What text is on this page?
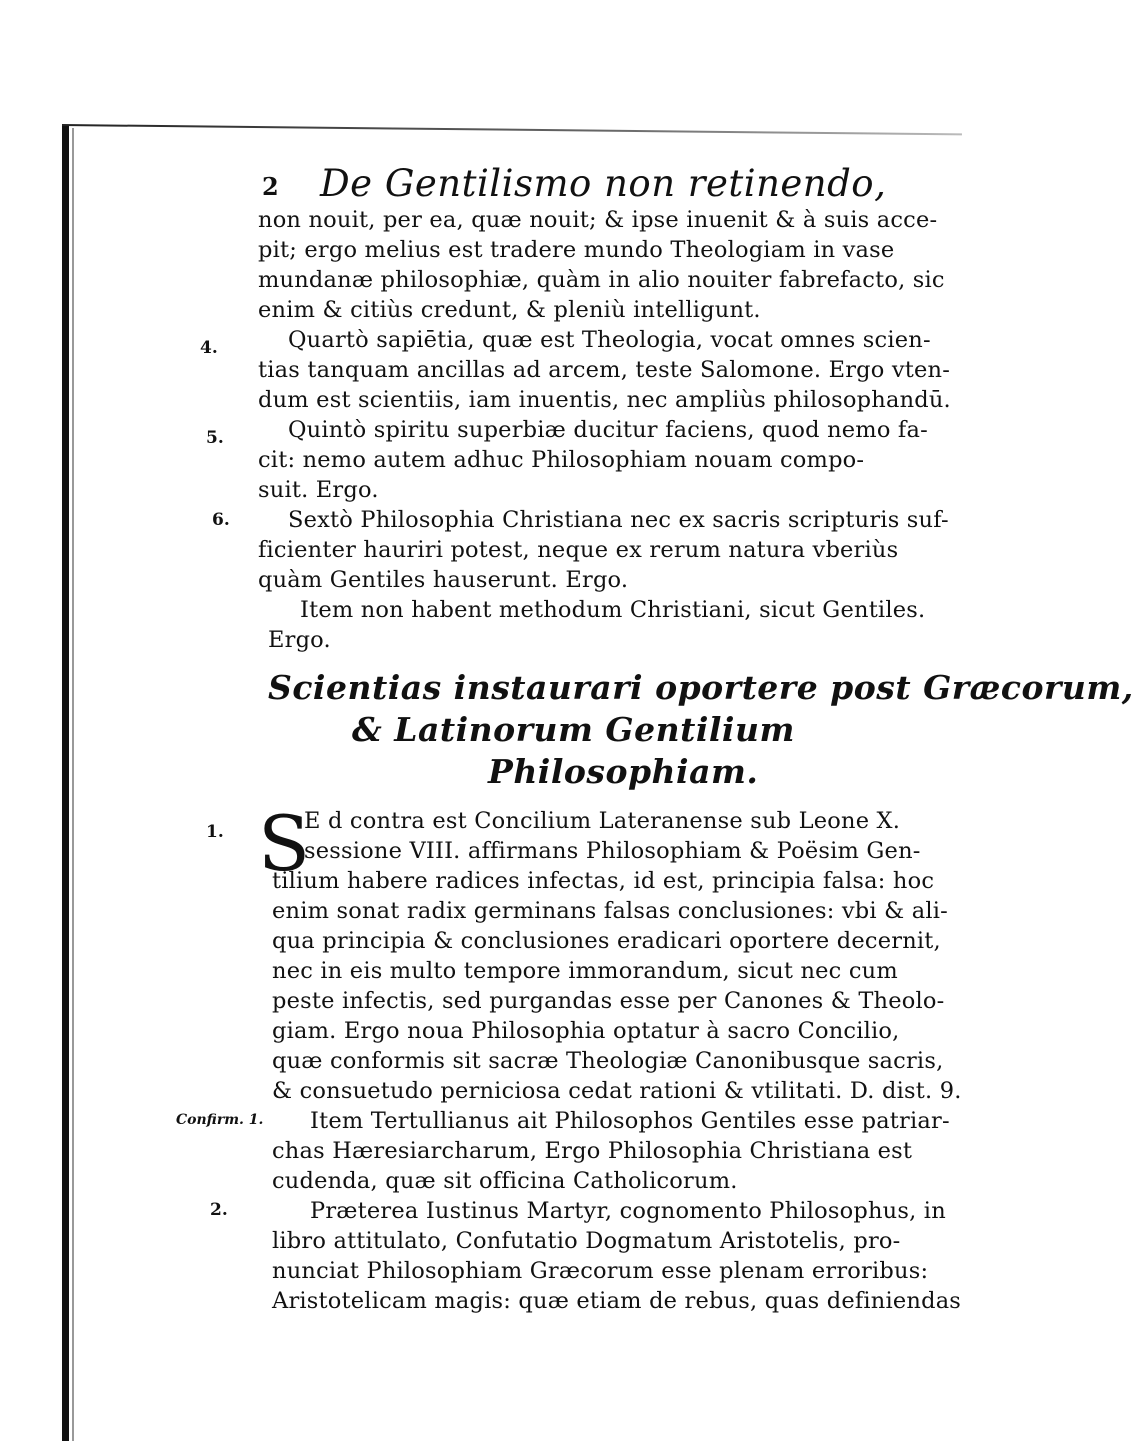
2 De Gentilismo non retinendo,
non nouit, per ea, quæ nouit; & ipse inuenit & à suis acce-
pit; ergo melius est tradere mundo Theologiam in vase
mundanæ philosophiæ, quàm in alio nouiter fabrefacto, sic
enim & citiùs credunt, & pleniù intelligunt.
Quartò sapiētia, quæ est Theologia, vocat omnes scien-
tias tanquam ancillas ad arcem, teste Salomone. Ergo vten-
dum est scientiis, iam inuentis, nec ampliùs philosophandū.
Quintò spiritu superbiæ ducitur faciens, quod nemo fa-
cit: nemo autem adhuc Philosophiam nouam compo-
suit. Ergo.
Sextò Philosophia Christiana nec ex sacris scripturis suf-
ficienter hauriri potest, neque ex rerum natura vberiùs
quàm Gentiles hauserunt. Ergo.
Item non habent methodum Christiani, sicut Gentiles.
Ergo.
Scientias instaurari oportere post Græcorum,
& Latinorum Gentilium
Philosophiam.
S
E d contra est Concilium Lateranense sub Leone X.
sessione VIII. affirmans Philosophiam & Poësim Gen-
tilium habere radices infectas, id est, principia falsa: hoc
enim sonat radix germinans falsas conclusiones: vbi & ali-
qua principia & conclusiones eradicari oportere decernit,
nec in eis multo tempore immorandum, sicut nec cum
peste infectis, sed purgandas esse per Canones & Theolo-
giam. Ergo noua Philosophia optatur à sacro Concilio,
quæ conformis sit sacræ Theologiæ Canonibusque sacris,
& consuetudo perniciosa cedat rationi & vtilitati. D. dist. 9.
Item Tertullianus ait Philosophos Gentiles esse patriar-
chas Hæresiarcharum, Ergo Philosophia Christiana est
cudenda, quæ sit officina Catholicorum.
Præterea Iustinus Martyr, cognomento Philosophus, in
libro attitulato, Confutatio Dogmatum Aristotelis, pro-
nunciat Philosophiam Græcorum esse plenam erroribus:
Aristotelicam magis: quæ etiam de rebus, quas definiendas
4.
5.
6.
1.
Confirm. 1.
2.
